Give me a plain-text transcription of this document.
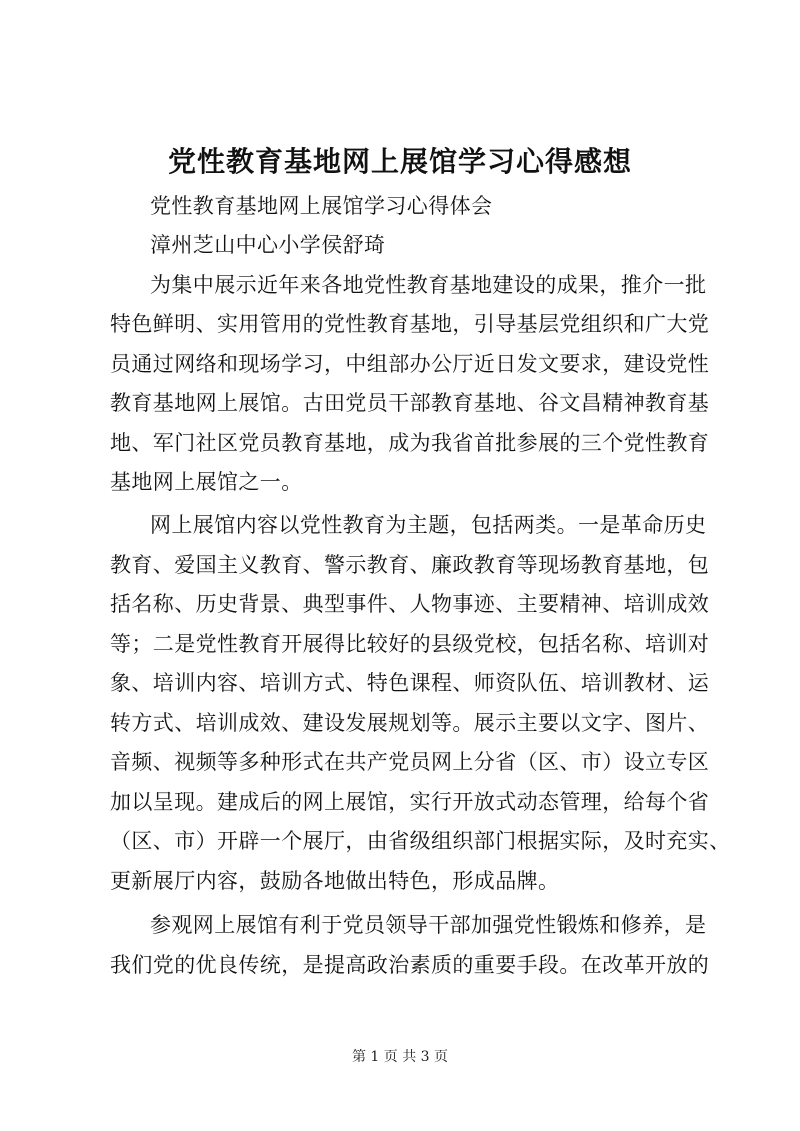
党性教育基地网上展馆学习心得感想

党性教育基地网上展馆学习心得体会

漳州芝山中心小学侯舒琦

为集中展示近年来各地党性教育基地建设的成果，推介一批

特色鲜明、实用管用的党性教育基地，引导基层党组织和广大党

员通过网络和现场学习，中组部办公厅近日发文要求，建设党性

教育基地网上展馆。古田党员干部教育基地、谷文昌精神教育基

地、军门社区党员教育基地，成为我省首批参展的三个党性教育

基地网上展馆之一。

网上展馆内容以党性教育为主题，包括两类。一是革命历史

教育、爱国主义教育、警示教育、廉政教育等现场教育基地，包

括名称、历史背景、典型事件、人物事迹、主要精神、培训成效

等；二是党性教育开展得比较好的县级党校，包括名称、培训对

象、培训内容、培训方式、特色课程、师资队伍、培训教材、运

转方式、培训成效、建设发展规划等。展示主要以文字、图片、

音频、视频等多种形式在共产党员网上分省（区、市）设立专区

加以呈现。建成后的网上展馆，实行开放式动态管理，给每个省

（区、市）开辟一个展厅，由省级组织部门根据实际，及时充实、

更新展厅内容，鼓励各地做出特色，形成品牌。

参观网上展馆有利于党员领导干部加强党性锻炼和修养，是

我们党的优良传统，是提高政治素质的重要手段。在改革开放的

第 1 页 共 3 页
